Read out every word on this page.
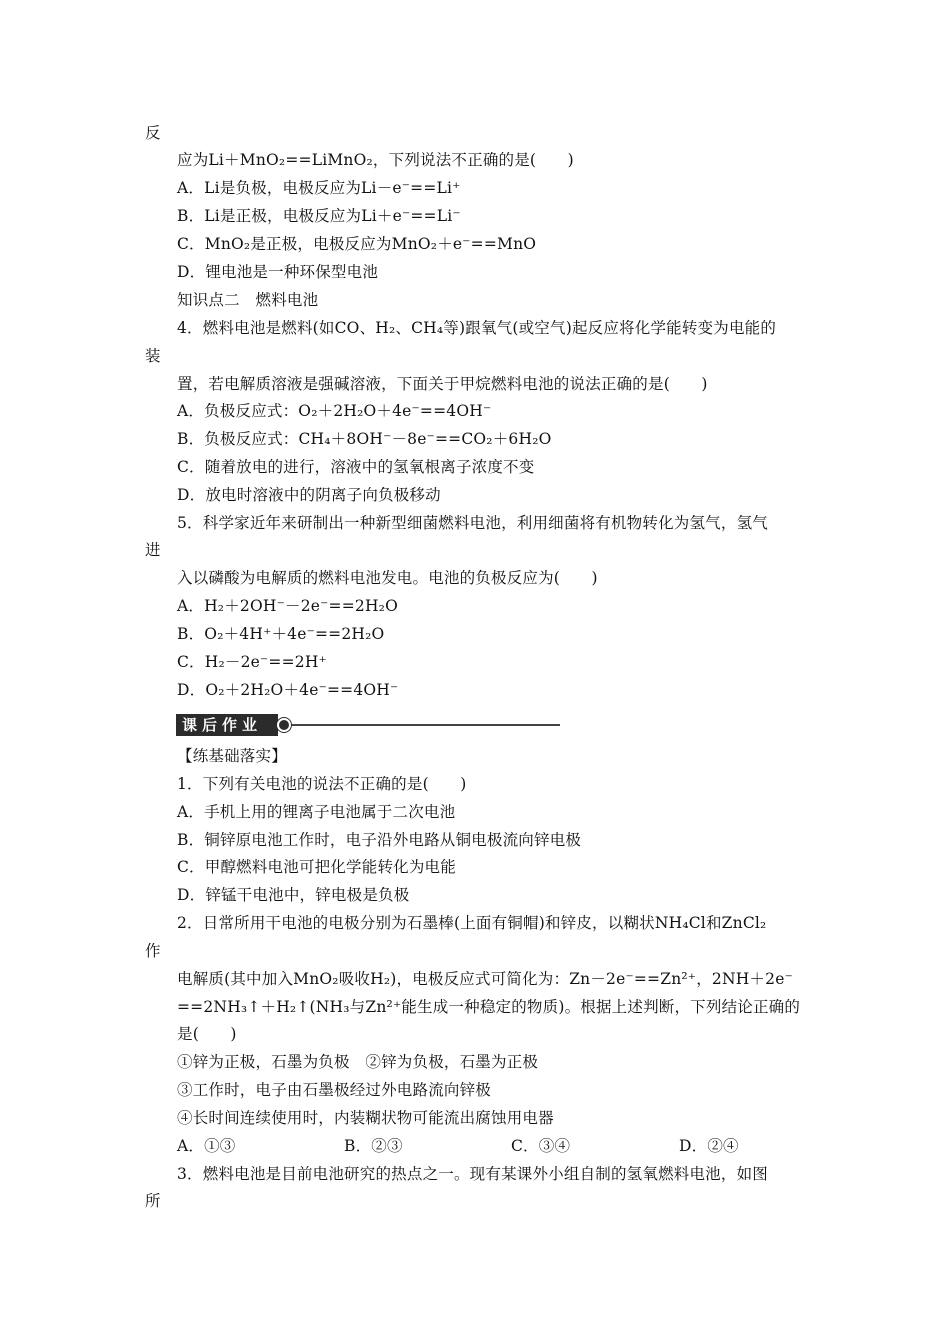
反
应为Li＋MnO₂==LiMnO₂，下列说法不正确的是(　　)
A．Li是负极，电极反应为Li－e⁻==Li⁺
B．Li是正极，电极反应为Li＋e⁻==Li⁻
C．MnO₂是正极，电极反应为MnO₂＋e⁻==MnO
D．锂电池是一种环保型电池
知识点二　燃料电池
4．燃料电池是燃料(如CO、H₂、CH₄等)跟氧气(或空气)起反应将化学能转变为电能的
装
置，若电解质溶液是强碱溶液，下面关于甲烷燃料电池的说法正确的是(　　)
A．负极反应式：O₂＋2H₂O＋4e⁻==4OH⁻
B．负极反应式：CH₄＋8OH⁻－8e⁻==CO₂＋6H₂O
C．随着放电的进行，溶液中的氢氧根离子浓度不变
D．放电时溶液中的阴离子向负极移动
5．科学家近年来研制出一种新型细菌燃料电池，利用细菌将有机物转化为氢气，氢气
进
入以磷酸为电解质的燃料电池发电。电池的负极反应为(　　)
A．H₂＋2OH⁻－2e⁻==2H₂O
B．O₂＋4H⁺＋4e⁻==2H₂O
C．H₂－2e⁻==2H⁺
D．O₂＋2H₂O＋4e⁻==4OH⁻
课后作业
【练基础落实】
1．下列有关电池的说法不正确的是(　　)
A．手机上用的锂离子电池属于二次电池
B．铜锌原电池工作时，电子沿外电路从铜电极流向锌电极
C．甲醇燃料电池可把化学能转化为电能
D．锌锰干电池中，锌电极是负极
2．日常所用干电池的电极分别为石墨棒(上面有铜帽)和锌皮，以糊状NH₄Cl和ZnCl₂
作
电解质(其中加入MnO₂吸收H₂)，电极反应式可简化为：Zn－2e⁻==Zn²⁺，2NH＋2e⁻
==2NH₃↑＋H₂↑(NH₃与Zn²⁺能生成一种稳定的物质)。根据上述判断，下列结论正确的
是(　　)
①锌为正极，石墨为负极　②锌为负极，石墨为正极
③工作时，电子由石墨极经过外电路流向锌极
④长时间连续使用时，内装糊状物可能流出腐蚀用电器
A．①③	B．②③	C．③④	D．②④
3．燃料电池是目前电池研究的热点之一。现有某课外小组自制的氢氧燃料电池，如图
所
